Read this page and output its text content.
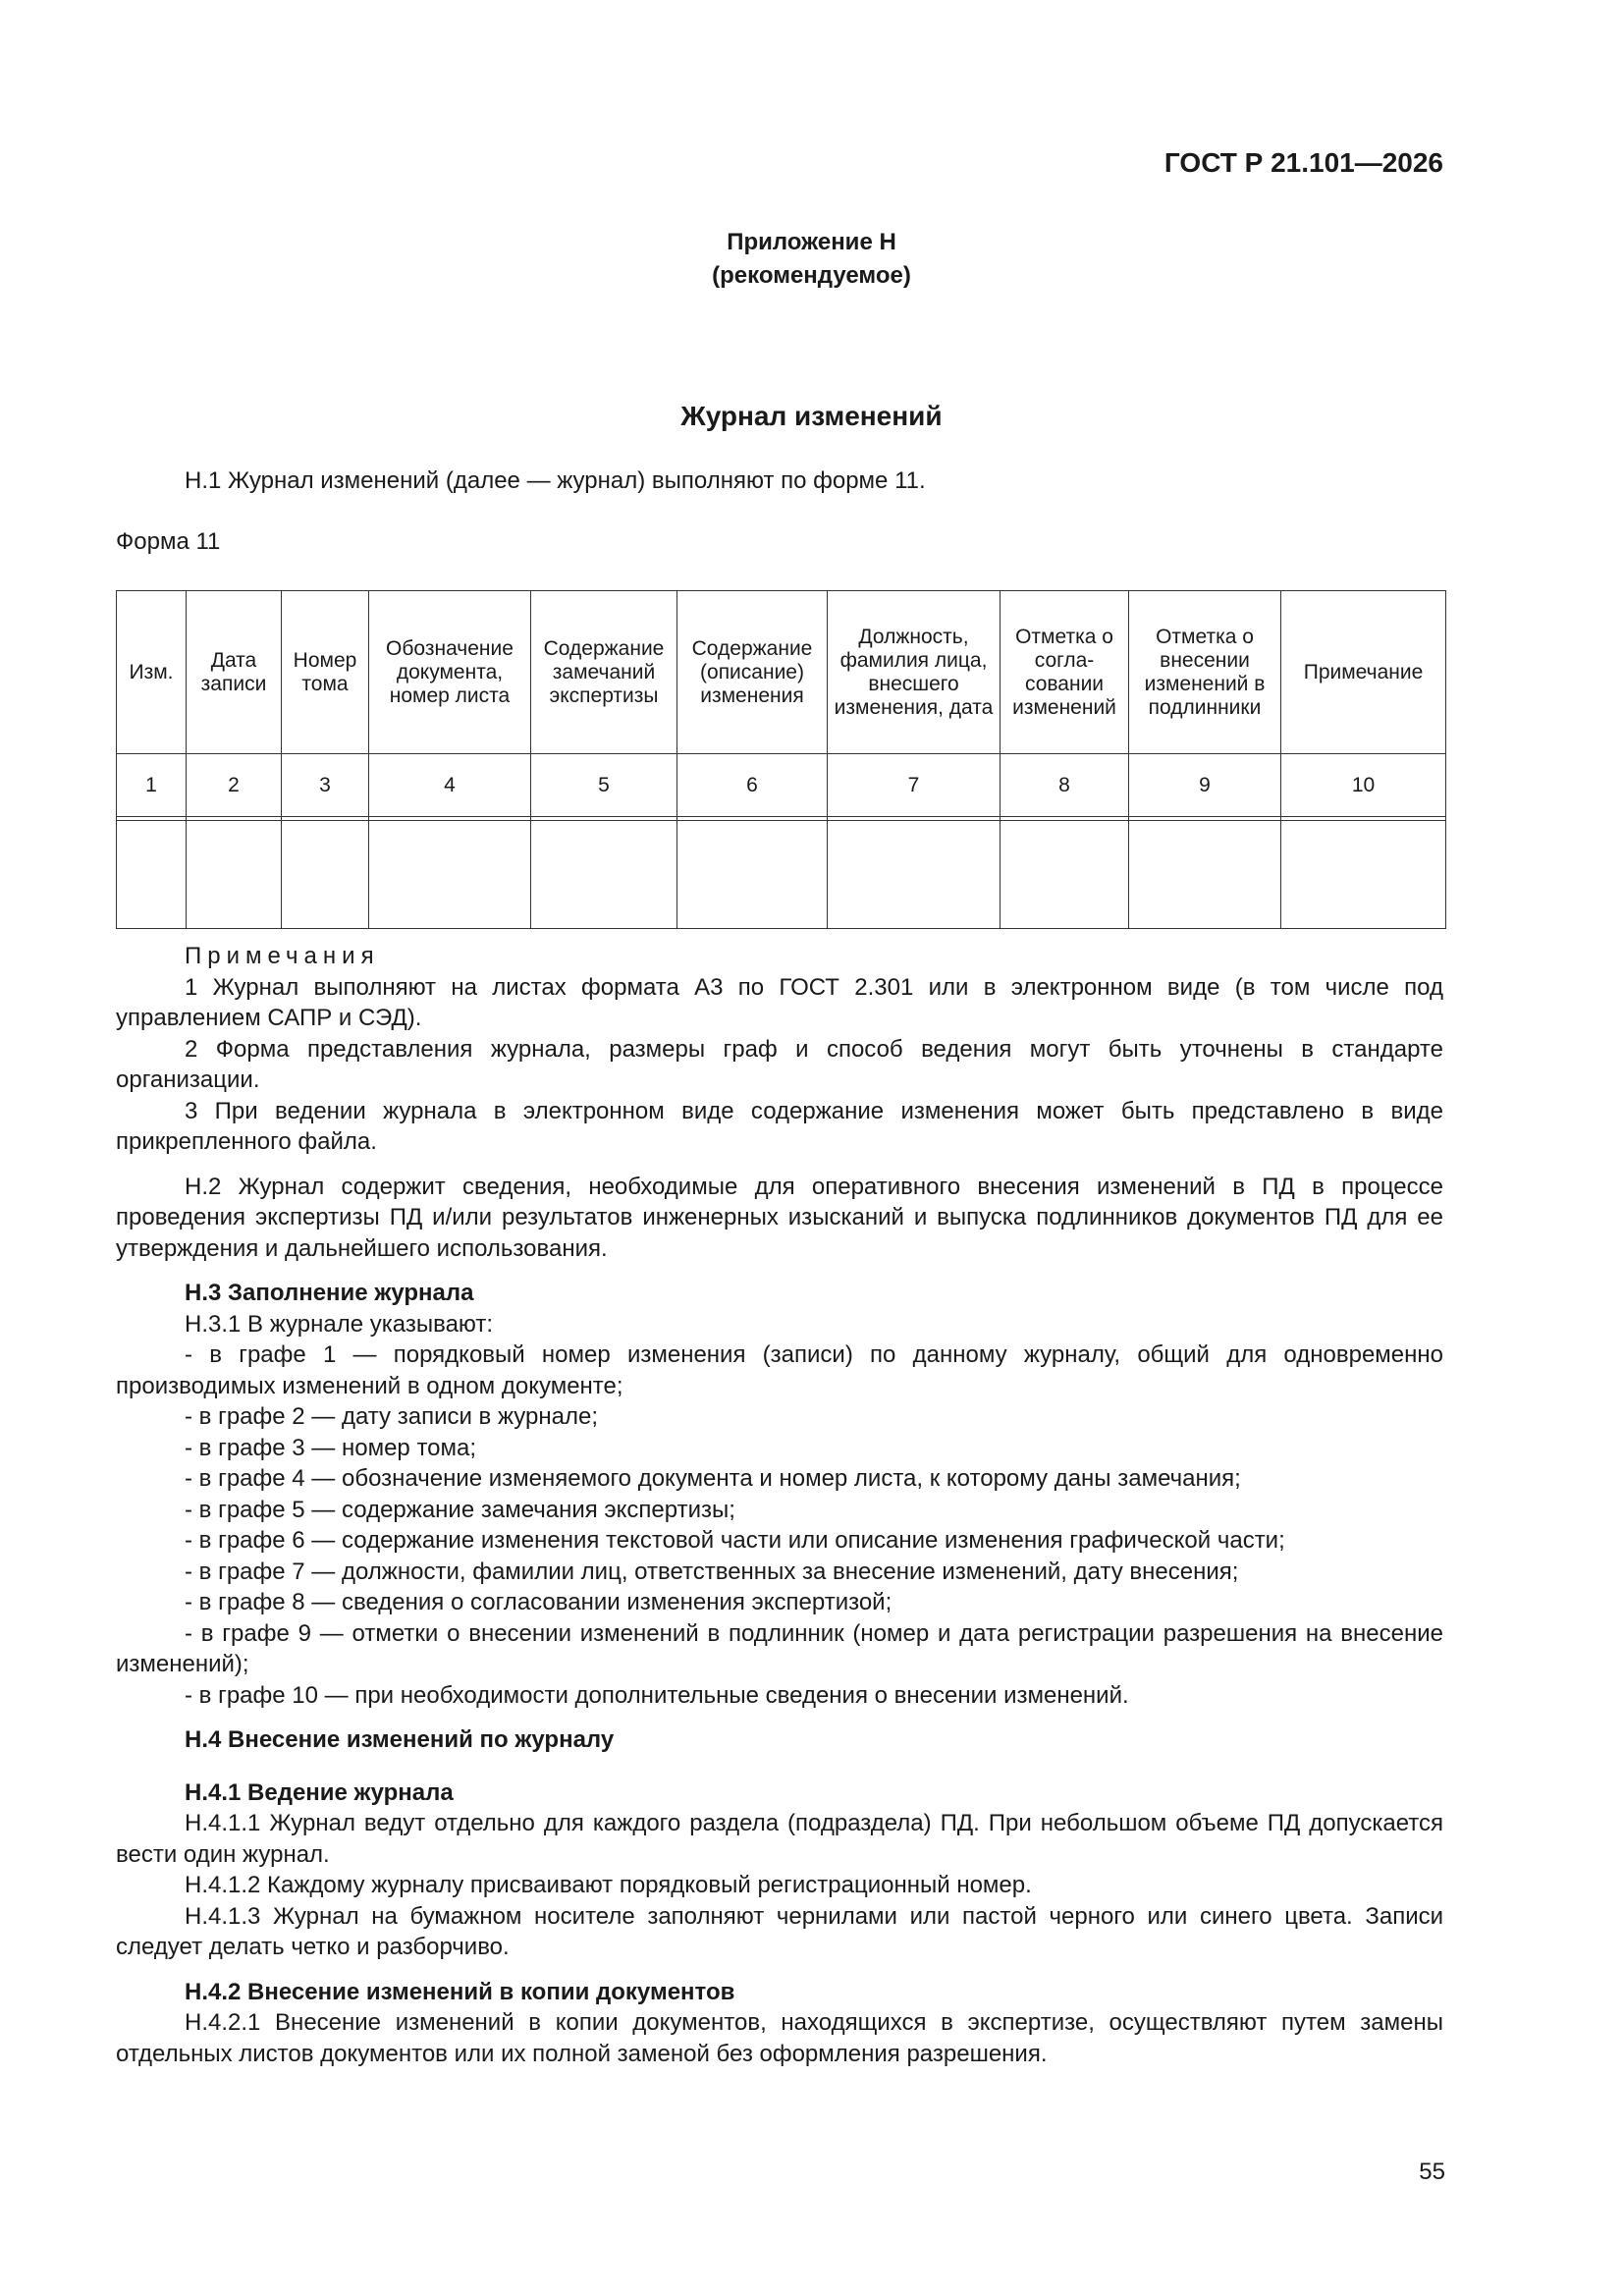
ГОСТ Р 21.101—2026
Приложение Н
(рекомендуемое)
Журнал изменений

Н.1 Журнал изменений (далее — журнал) выполняют по форме 11.

Форма 11

Изм.	Дата записи	Номер тома	Обозначение документа, номер листа	Содержание замечаний экспертизы	Содержание (описание) изменения	Должность, фамилия лица, внесшего изменения, дата	Отметка о согла-совании изменений	Отметка о внесении изменений в подлинники	Примечание
1	2	3	4	5	6	7	8	9	10

Примечания

1 Журнал выполняют на листах формата А3 по ГОСТ 2.301 или в электронном виде (в том числе под управлением САПР и СЭД).

2 Форма представления журнала, размеры граф и способ ведения могут быть уточнены в стандарте организации.

3 При ведении журнала в электронном виде содержание изменения может быть представлено в виде прикрепленного файла.

Н.2 Журнал содержит сведения, необходимые для оперативного внесения изменений в ПД в процессе проведения экспертизы ПД и/или результатов инженерных изысканий и выпуска подлинников документов ПД для ее утверждения и дальнейшего использования.

Н.3 Заполнение журнала

Н.3.1 В журнале указывают:

- в графе 1 — порядковый номер изменения (записи) по данному журналу, общий для одновременно производимых изменений в одном документе;

- в графе 2 — дату записи в журнале;

- в графе 3 — номер тома;

- в графе 4 — обозначение изменяемого документа и номер листа, к которому даны замечания;

- в графе 5 — содержание замечания экспертизы;

- в графе 6 — содержание изменения текстовой части или описание изменения графической части;

- в графе 7 — должности, фамилии лиц, ответственных за внесение изменений, дату внесения;

- в графе 8 — сведения о согласовании изменения экспертизой;

- в графе 9 — отметки о внесении изменений в подлинник (номер и дата регистрации разрешения на внесение изменений);

- в графе 10 — при необходимости дополнительные сведения о внесении изменений.

Н.4 Внесение изменений по журналу
Н.4.1 Ведение журнала

Н.4.1.1 Журнал ведут отдельно для каждого раздела (подраздела) ПД. При небольшом объеме ПД допускается вести один журнал.

Н.4.1.2 Каждому журналу присваивают порядковый регистрационный номер.

Н.4.1.3 Журнал на бумажном носителе заполняют чернилами или пастой черного или синего цвета. Записи следует делать четко и разборчиво.

Н.4.2 Внесение изменений в копии документов

Н.4.2.1 Внесение изменений в копии документов, находящихся в экспертизе, осуществляют путем замены отдельных листов документов или их полной заменой без оформления разрешения.

55
